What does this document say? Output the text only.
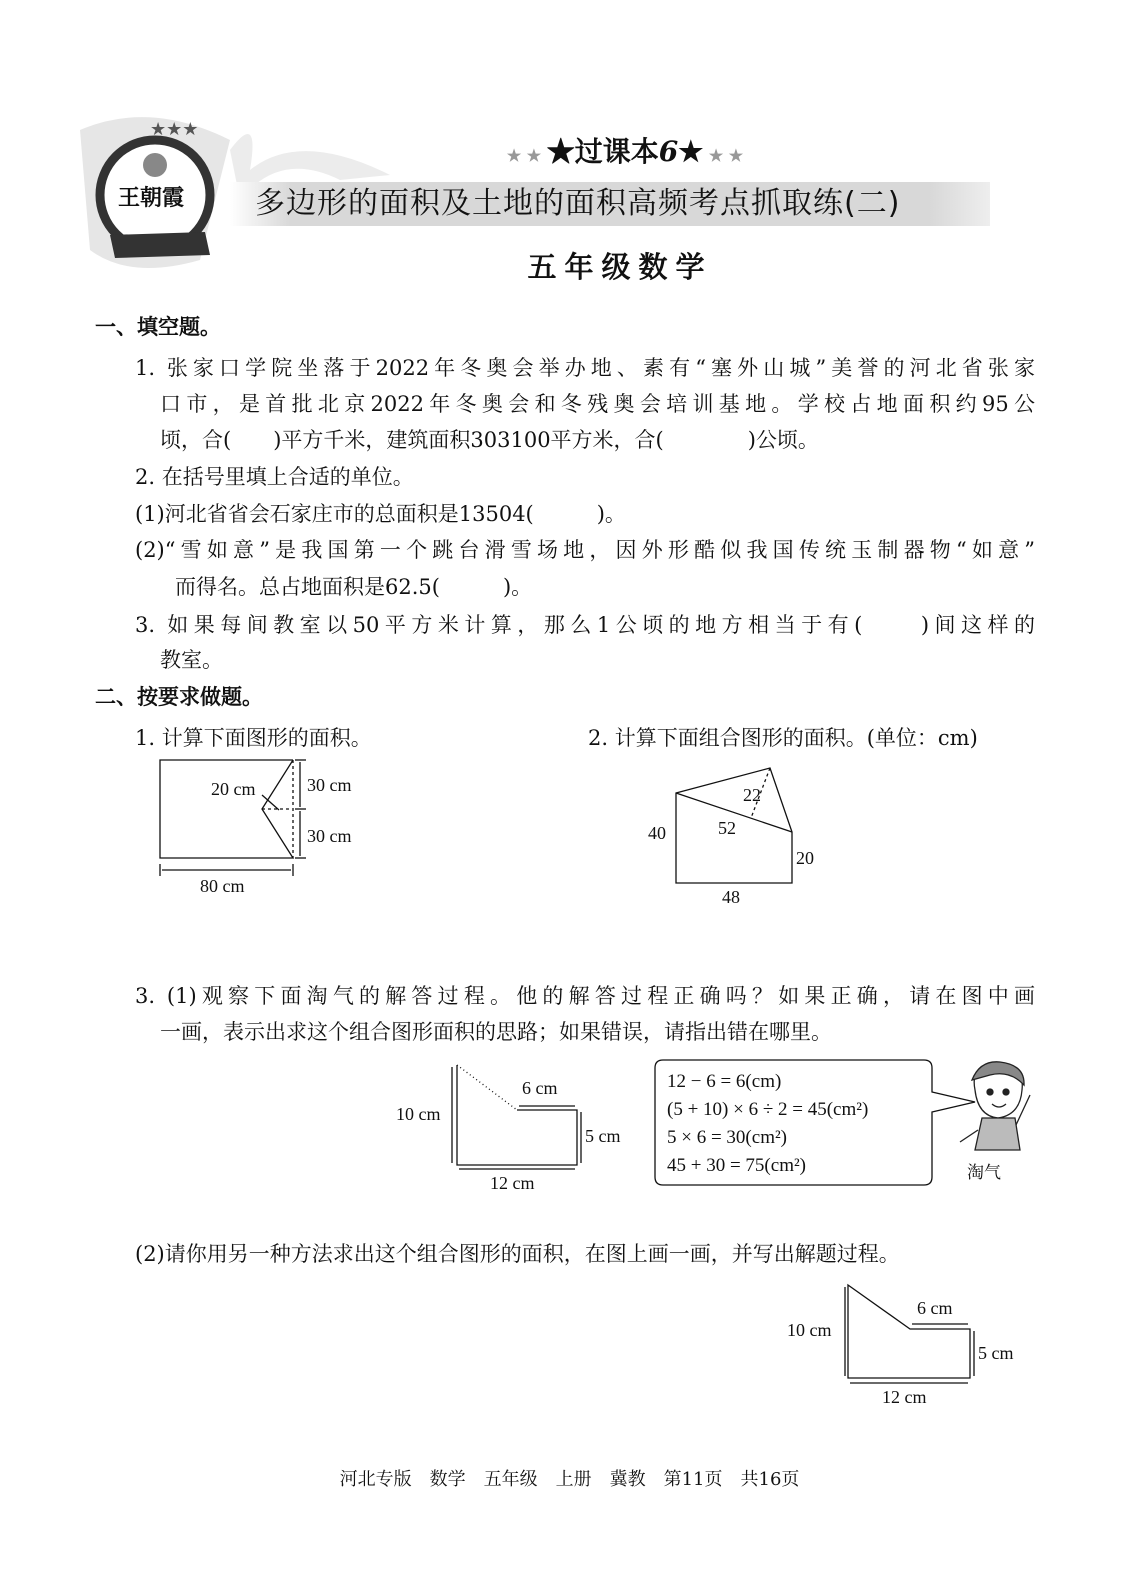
王朝霞
★★★
20 cm	30 cm
30 cm
80 cm
40	52
22
20
48
10 cm
6 cm
5 cm
12 cm
12 − 6 = 6(cm)
(5 + 10) × 6 ÷ 2 = 45(cm²)
5 × 6 = 30(cm²)
45 + 30 = 75(cm²)	淘气
10 cm
6 cm
5 cm
12 cm
★ ★ ★过课本6★ ★ ★
多边形的面积及土地的面积高频考点抓取练(二)
五年级数学
一、填空题。
1. 张家口学院坐落于2022年冬奥会举办地、素有“塞外山城”美誉的河北省张家
口市，是首批北京2022年冬奥会和冬残奥会培训基地。学校占地面积约95公
顷，合(　　)平方千米，建筑面积303100平方米，合(　　　　)公顷。
2. 在括号里填上合适的单位。
(1)河北省省会石家庄市的总面积是13504(　　　)。
(2)“雪如意”是我国第一个跳台滑雪场地，因外形酷似我国传统玉制器物“如意”
而得名。总占地面积是62.5(　　　)。
3. 如果每间教室以50平方米计算，那么1公顷的地方相当于有(　　)间这样的
教室。
二、按要求做题。
1. 计算下面图形的面积。	2. 计算下面组合图形的面积。(单位：cm)
3. (1)观察下面淘气的解答过程。他的解答过程正确吗？如果正确，请在图中画
一画，表示出求这个组合图形面积的思路；如果错误，请指出错在哪里。
(2)请你用另一种方法求出这个组合图形的面积，在图上画一画，并写出解题过程。
河北专版　数学　五年级　上册　冀教　第11页　共16页
